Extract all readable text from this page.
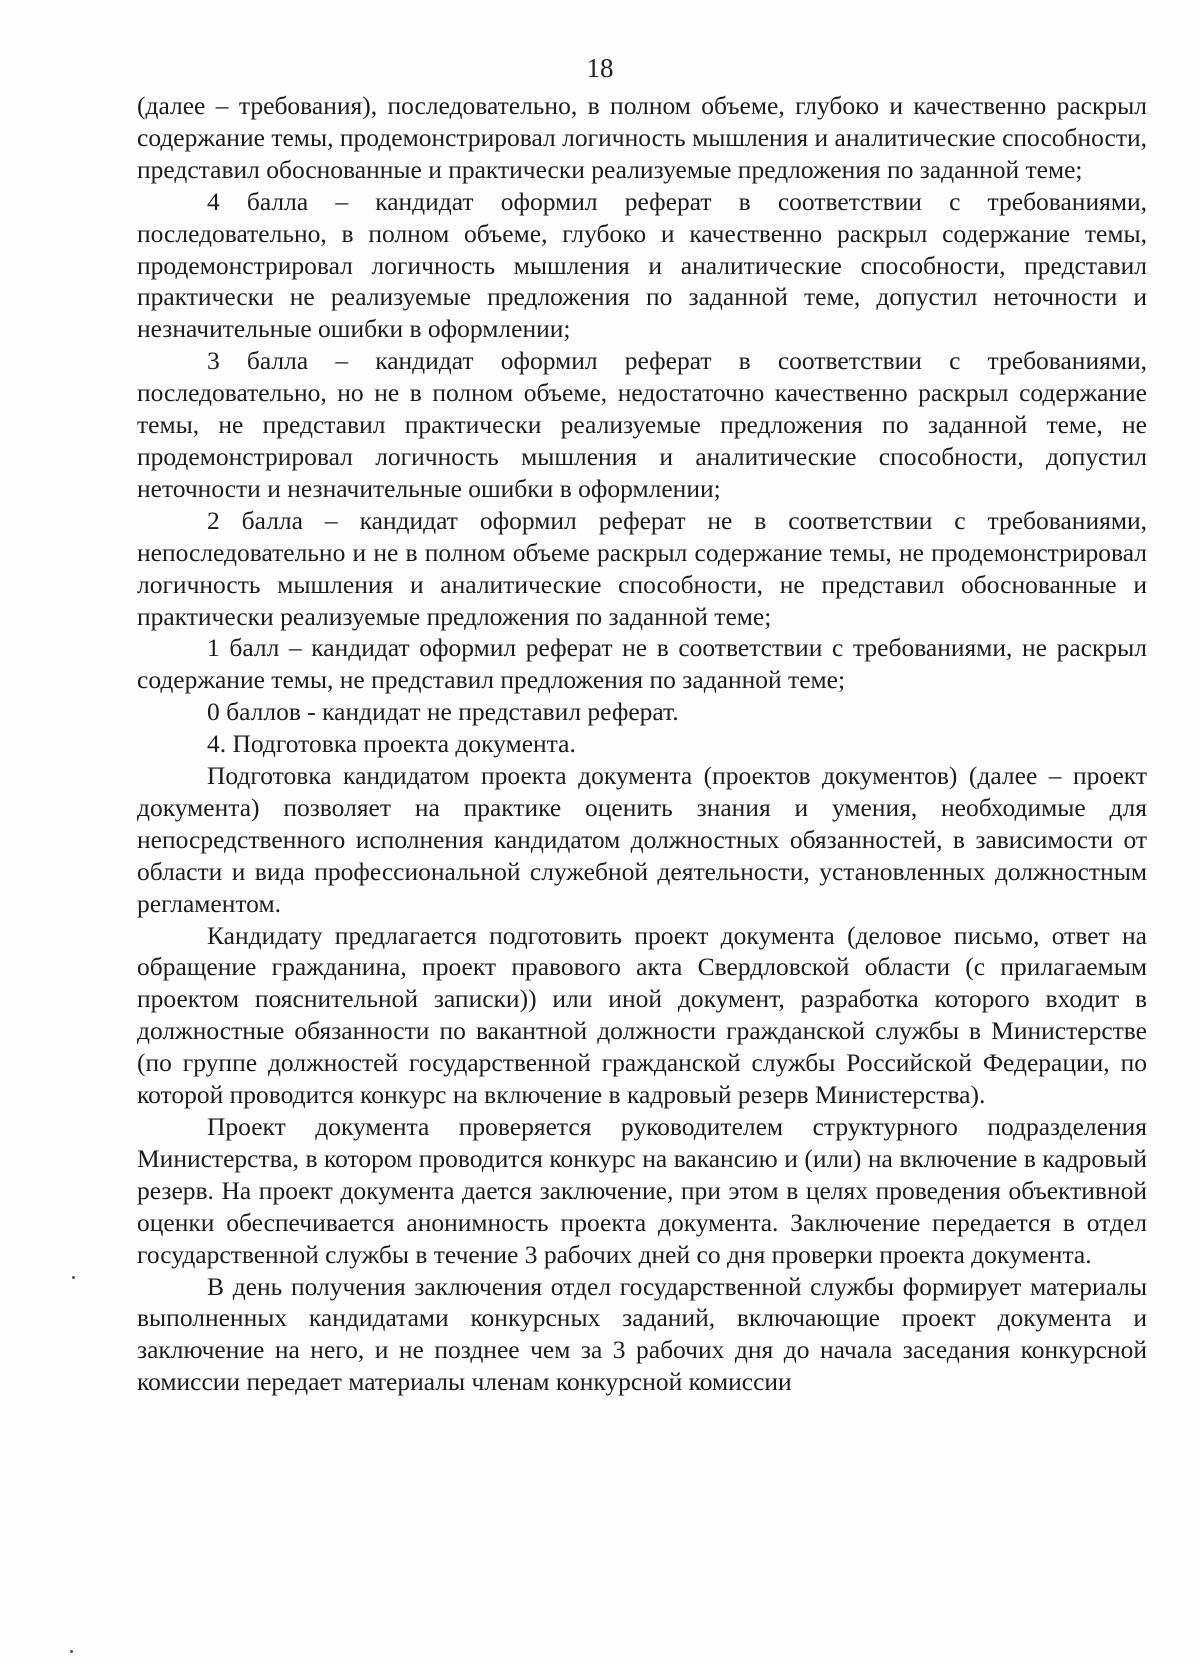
18

(далее – требования), последовательно, в полном объеме, глубоко и качественно раскрыл содержание темы, продемонстрировал логичность мышления и аналитические способности, представил обоснованные и практически реализуемые предложения по заданной теме;

4 балла – кандидат оформил реферат в соответствии с требованиями, последовательно, в полном объеме, глубоко и качественно раскрыл содержание темы, продемонстрировал логичность мышления и аналитические способности, представил практически не реализуемые предложения по заданной теме, допустил неточности и незначительные ошибки в оформлении;

3 балла – кандидат оформил реферат в соответствии с требованиями, последовательно, но не в полном объеме, недостаточно качественно раскрыл содержание темы, не представил практически реализуемые предложения по заданной теме, не продемонстрировал логичность мышления и аналитические способности, допустил неточности и незначительные ошибки в оформлении;

2 балла – кандидат оформил реферат не в соответствии с требованиями, непоследовательно и не в полном объеме раскрыл содержание темы, не продемонстрировал логичность мышления и аналитические способности, не представил обоснованные и практически реализуемые предложения по заданной теме;

1 балл – кандидат оформил реферат не в соответствии с требованиями, не раскрыл содержание темы, не представил предложения по заданной теме;

0 баллов - кандидат не представил реферат.

4. Подготовка проекта документа.

Подготовка кандидатом проекта документа (проектов документов) (далее – проект документа) позволяет на практике оценить знания и умения, необходимые для непосредственного исполнения кандидатом должностных обязанностей, в зависимости от области и вида профессиональной служебной деятельности, установленных должностным регламентом.

Кандидату предлагается подготовить проект документа (деловое письмо, ответ на обращение гражданина, проект правового акта Свердловской области (с прилагаемым проектом пояснительной записки)) или иной документ, разработка которого входит в должностные обязанности по вакантной должности гражданской службы в Министерстве (по группе должностей государственной гражданской службы Российской Федерации, по которой проводится конкурс на включение в кадровый резерв Министерства).

Проект документа проверяется руководителем структурного подразделения Министерства, в котором проводится конкурс на вакансию и (или) на включение в кадровый резерв. На проект документа дается заключение, при этом в целях проведения объективной оценки обеспечивается анонимность проекта документа. Заключение передается в отдел государственной службы в течение 3 рабочих дней со дня проверки проекта документа.

В день получения заключения отдел государственной службы формирует материалы выполненных кандидатами конкурсных заданий, включающие проект документа и заключение на него, и не позднее чем за 3 рабочих дня до начала заседания конкурсной комиссии передает материалы членам конкурсной комиссии
